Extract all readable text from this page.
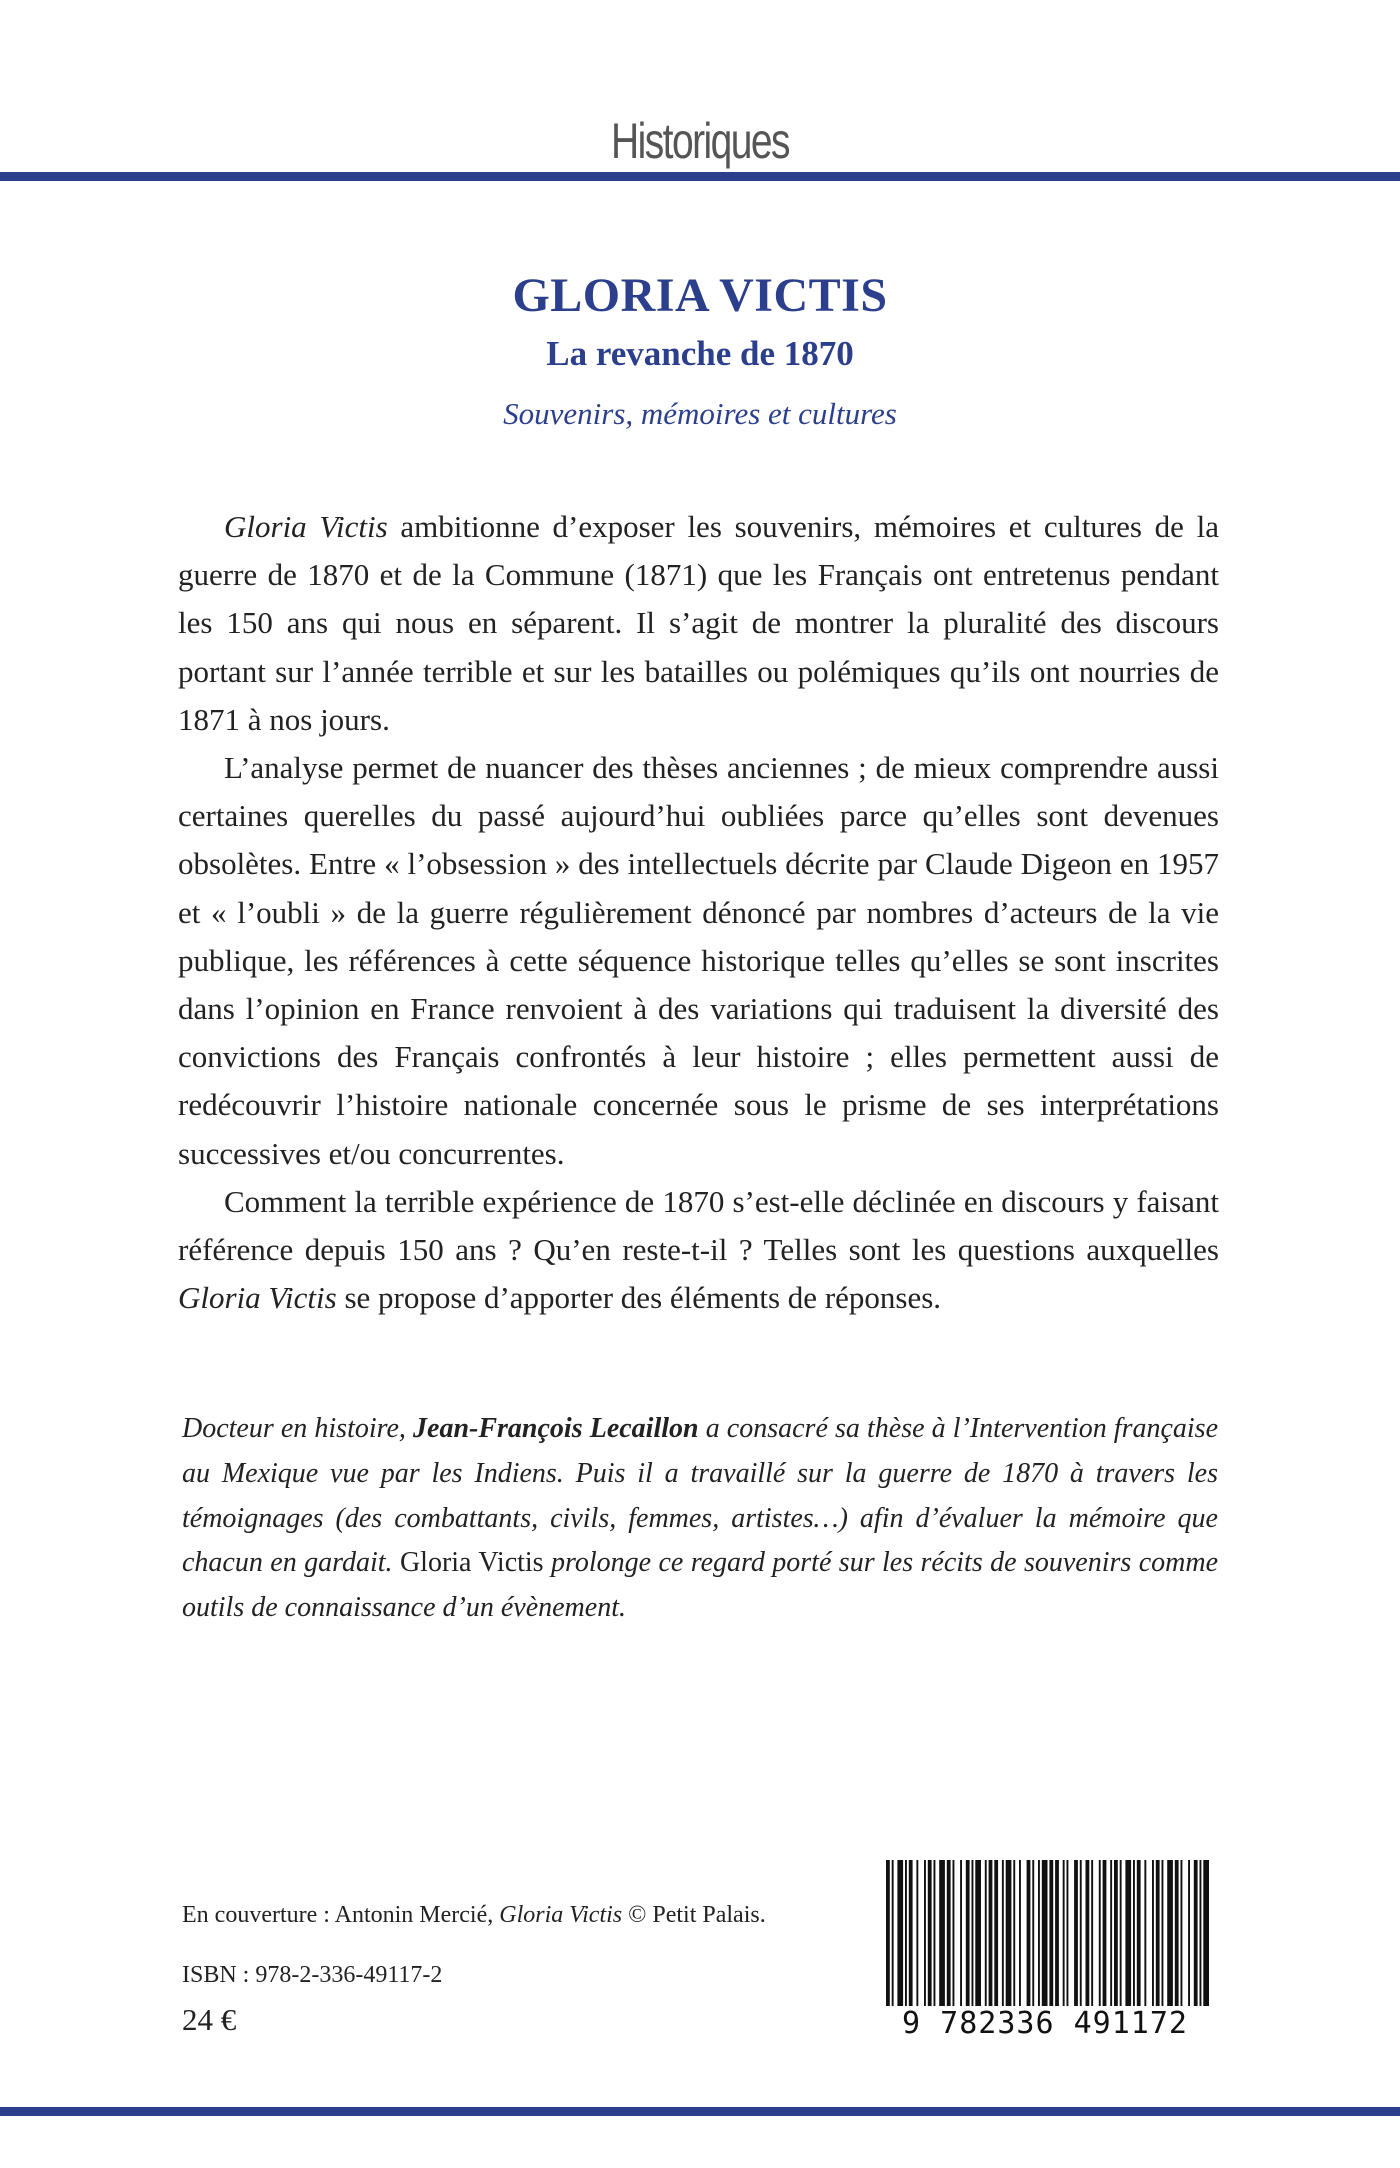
Historiques
GLORIA VICTIS
La revanche de 1870
Souvenirs, mémoires et cultures

Gloria Victis ambitionne d’exposer les souvenirs, mémoires et cultures de la guerre de 1870 et de la Commune (1871) que les Français ont entretenus pendant les 150 ans qui nous en séparent. Il s’agit de montrer la pluralité des discours portant sur l’année terrible et sur les batailles ou polémiques qu’ils ont nourries de 1871 à nos jours.

L’analyse permet de nuancer des thèses anciennes ; de mieux comprendre aussi certaines querelles du passé aujourd’hui oubliées parce qu’elles sont devenues obsolètes. Entre « l’obsession » des intellectuels décrite par Claude Digeon en 1957 et « l’oubli » de la guerre régulièrement dénoncé par nombres d’acteurs de la vie publique, les références à cette séquence historique telles qu’elles se sont inscrites dans l’opinion en France renvoient à des variations qui traduisent la diversité des convictions des Français confrontés à leur histoire ; elles permettent aussi de redécouvrir l’histoire nationale concernée sous le prisme de ses interprétations successives et/ou concurrentes.

Comment la terrible expérience de 1870 s’est-elle déclinée en discours y faisant référence depuis 150 ans ? Qu’en reste-t-il ? Telles sont les questions auxquelles Gloria Victis se propose d’apporter des éléments de réponses.

Docteur en histoire, Jean-François Lecaillon a consacré sa thèse à l’Intervention française au Mexique vue par les Indiens. Puis il a travaillé sur la guerre de 1870 à travers les témoignages (des combattants, civils, femmes, artistes…) afin d’évaluer la mémoire que chacun en gardait. Gloria Victis prolonge ce regard porté sur les récits de souvenirs comme outils de connaissance d’un évènement.

En couverture : Antonin Mercié, Gloria Victis © Petit Palais.
ISBN : 978-2-336-49117-2
24 €	9 782336 491172
